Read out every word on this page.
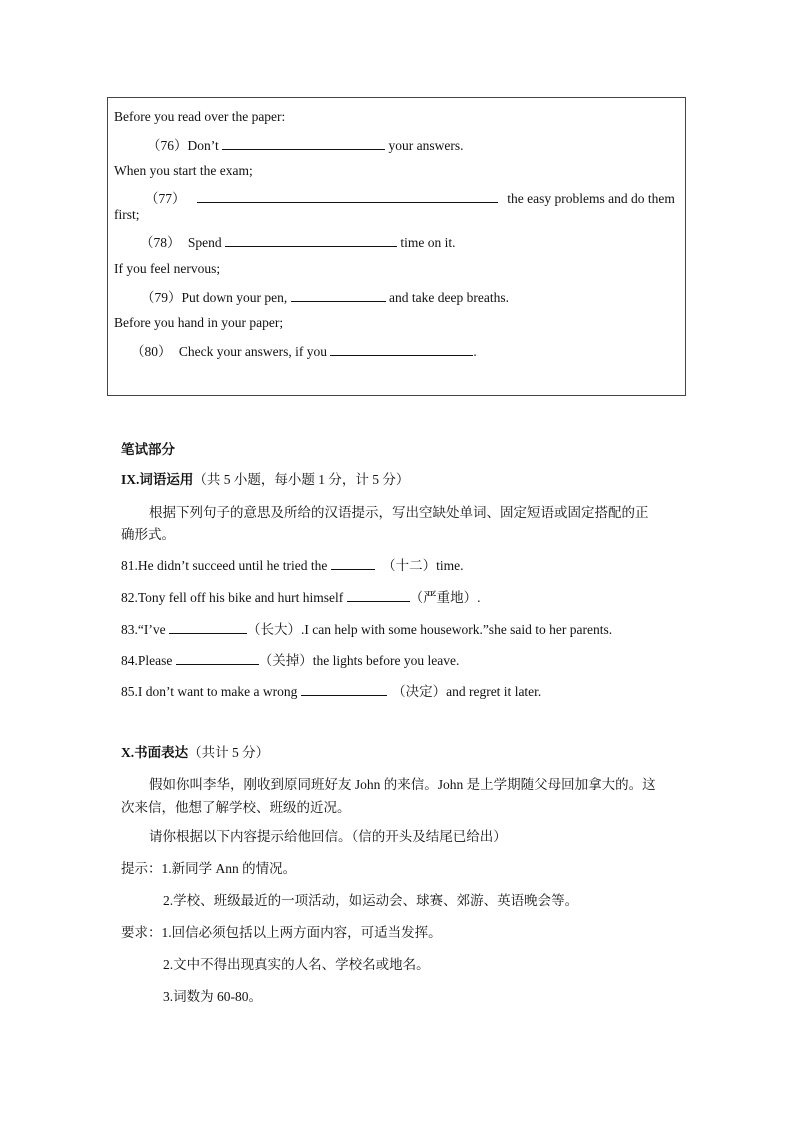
Before you read over the paper:
（76）Don’t	your answers.
When you start the exam;
（77）	the easy problems and do them
first;
（78） Spend	time on it.
If you feel nervous;
（79）Put down your pen,	and take deep breaths.
Before you hand in your paper;
（80） Check your answers, if you	.
笔试部分
IX.词语运用（共 5 小题，每小题 1 分，计 5 分）
根据下列句子的意思及所给的汉语提示，写出空缺处单词、固定短语或固定搭配的正
确形式。
81.He didn’t succeed until he tried the	（十二）time.
82.Tony fell off his bike and hurt himself	（严重地）.
83.“I’ve	（长大）.I can help with some housework.”she said to her parents.
84.Please	（关掉）the lights before you leave.
85.I don’t want to make a wrong	（决定）and regret it later.
X.书面表达（共计 5 分）
假如你叫李华，刚收到原同班好友 John 的来信。John 是上学期随父母回加拿大的。这
次来信，他想了解学校、班级的近况。
请你根据以下内容提示给他回信。（信的开头及结尾已给出）
提示：1.新同学 Ann 的情况。
2.学校、班级最近的一项活动，如运动会、球赛、郊游、英语晚会等。
要求：1.回信必须包括以上两方面内容，可适当发挥。
2.文中不得出现真实的人名、学校名或地名。
3.词数为 60-80。
